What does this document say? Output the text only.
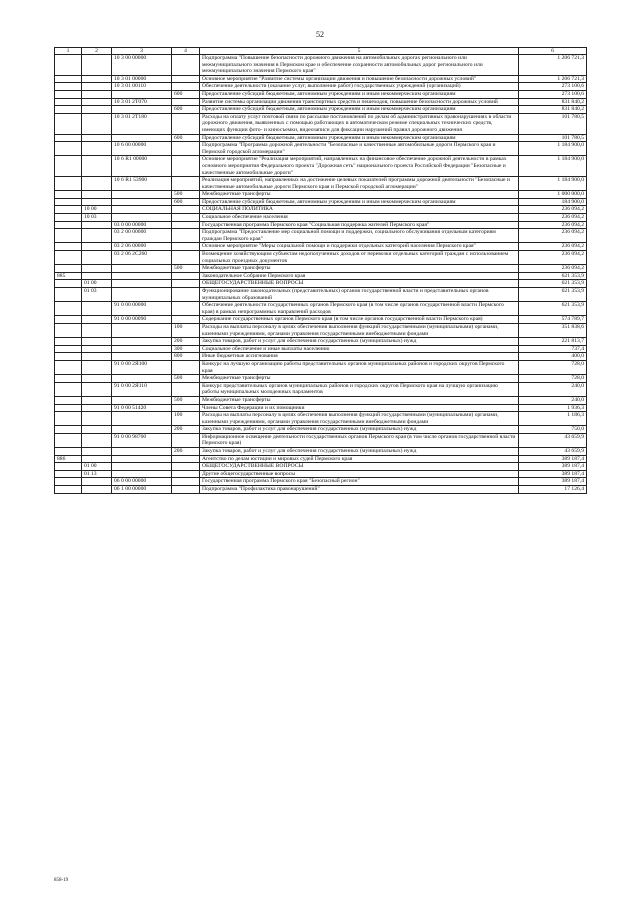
52
1	2	3	4	5	6
		10 3 00 00000		Подпрограмма "Повышение безопасности дорожного движения на автомобильных дорогах регионального или межмуниципального значения в Пермском крае и обеспечение сохранности автомобильных дорог регионального или межмуниципального значения Пермского края"	1 206 721,3
		10 3 01 00000		Основное мероприятие "Развитие системы организации движения и повышение безопасности дорожных условий"	1 206 721,3
		10 3 01 00110		Обеспечение деятельности (оказание услуг, выполнение работ) государственных учреждений (организаций)	273 100,6
			600	Предоставление субсидий бюджетным, автономным учреждениям и иным некоммерческим организациям	273 100,6
		10 3 01 2T070		Развитие системы организации движения транспортных средств и пешеходов, повышение безопасности дорожных условий	831 840,2
			600	Предоставление субсидий бюджетным, автономным учреждениям и иным некоммерческим организациям	831 840,2
		10 3 01 2T180		Расходы на оплату услуг почтовой связи по рассылке постановлений по делам об административных правонарушениях в области дорожного движения, выявленных с помощью работающих в автоматическом режиме специальных технических средств, имеющих функции фото- и киносъемки, видеозаписи для фиксации нарушений правил дорожного движения	101 780,5
			600	Предоставление субсидий бюджетным, автономным учреждениям и иным некоммерческим организациям	101 780,5
		10 6 00 00000		Подпрограмма "Программа дорожной деятельности "Безопасные и качественные автомобильные дороги Пермского края и Пермской городской агломерации"	1 184 900,0
		10 6 R1 00000		Основное мероприятие "Реализация мероприятий, направленных на финансовое обеспечение дорожной деятельности в рамках основного мероприятия Федерального проекта "Дорожная сеть" национального проекта Российской Федерации "Безопасные и качественные автомобильные дороги"	1 184 900,0
		10 6 R1 53900		Реализация мероприятий, направленных на достижение целевых показателей программы дорожной деятельности "Безопасные и качественные автомобильные дороги Пермского края и Пермской городской агломерации"	1 184 900,0
			500	Межбюджетные трансферты	1 000 000,0
			600	Предоставление субсидий бюджетным, автономным учреждениям и иным некоммерческим организациям	184 900,0
	10 00			СОЦИАЛЬНАЯ ПОЛИТИКА	236 094,2
	10 03			Социальное обеспечение населения	236 094,2
		03 0 00 00000		Государственная программа Пермского края "Социальная поддержка жителей Пермского края"	236 094,2
		03 2 00 00000		Подпрограмма "Предоставление мер социальной помощи и поддержки, социального обслуживания отдельным категориям граждан Пермского края"	236 094,2
		03 2 06 00000		Основное мероприятие "Меры социальной помощи и поддержки отдельных категорий населения Пермского края"	236 094,2
		03 2 06 2C260		Возмещение хозяйствующим субъектам недополученных доходов от перевозки отдельных категорий граждан с использованием социальных проездных документов	236 094,2
			500	Межбюджетные трансферты	236 094,2
885				Законодательное Собрание Пермского края	621 353,9
	01 00			ОБЩЕГОСУДАРСТВЕННЫЕ ВОПРОСЫ	621 353,9
	01 03			Функционирование законодательных (представительных) органов государственной власти и представительных органов муниципальных образований	621 353,9
		91 0 00 00000		Обеспечение деятельности государственных органов Пермского края (в том числе органов государственной власти Пермского края) в рамках непрограммных направлений расходов	621 353,9
		91 0 00 00090		Содержание государственных органов Пермского края (в том числе органов государственной власти Пермского края)	574 789,7
			100	Расходы на выплаты персоналу в целях обеспечения выполнения функций государственными (муниципальными) органами, казенными учреждениями, органами управления государственными внебюджетными фондами	351 838,6
			200	Закупка товаров, работ и услуг для обеспечения государственных (муниципальных) нужд	221 813,7
			300	Социальное обеспечение и иные выплаты населению	737,4
			800	Иные бюджетные ассигнования	400,0
		91 0 00 2Я100		Конкурс на лучшую организацию работы представительных органов муниципальных районов и городских округов Пермского края	728,0
			500	Межбюджетные трансферты	728,0
		91 0 00 2Я110		Конкурс представительных органов муниципальных районов и городских округов Пермского края на лучшую организацию работы муниципальных молодежных парламентов	240,0
			500	Межбюджетные трансферты	240,0
		91 0 00 51420		Члены Совета Федерации и их помощники	1 936,3
			100	Расходы на выплаты персоналу в целях обеспечения выполнения функций государственными (муниципальными) органами, казенными учреждениями, органами управления государственными внебюджетными фондами	1 186,3
			200	Закупка товаров, работ и услуг для обеспечения государственных (муниципальных) нужд	750,0
		91 0 00 98700		Информационное освещение деятельности государственных органов Пермского края (в том числе органов государственной власти Пермского края)	43 659,9
			200	Закупка товаров, работ и услуг для обеспечения государственных (муниципальных) нужд	43 659,9
886				Агентство по делам юстиции и мировых судей Пермского края	389 187,4
	01 00			ОБЩЕГОСУДАРСТВЕННЫЕ ВОПРОСЫ	389 187,4
	01 13			Другие общегосударственные вопросы	389 187,4
		06 0 00 00000		Государственная программа Пермского края "Безопасный регион"	389 187,4
		06 1 00 00000		Подпрограмма "Профилактика правонарушений"	17 126,4
858-19
